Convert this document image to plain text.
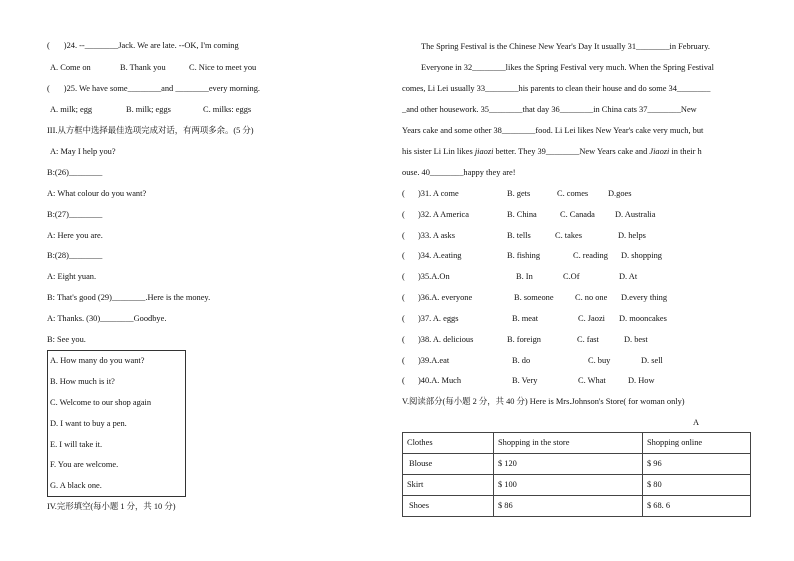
( )24. --________Jack. We are late. --OK, I'm coming
A. Come on	B. Thank you	C. Nice to meet you
( )25. We have some________and ________every morning.
A. milk; egg	B. milk; eggs	C. milks: eggs
III.从方框中选择最佳选项完成对话，有两项多余。(5 分)
A: May I help you?
B:(26)________
A: What colour do you want?
B:(27)________
A: Here you are.
B:(28)________
A: Eight yuan.
B: That's good (29)________.Here is the money.
A: Thanks. (30)________Goodbye.
B: See you.
A. How many do you want?
B. How much is it?
C. Welcome to our shop again
D. I want to buy a pen.
E. I will take it.
F. You are welcome.
G. A black one.
IV.完形填空(每小题 1 分，共 10 分)
The Spring Festival is the Chinese New Year's Day It usually 31________in February.
Everyone in 32________likes the Spring Festival very much. When the Spring Festival
comes, Li Lei usually 33________his parents to clean their house and do some 34________
_and other housework. 35________that day 36________in China cats 37________New
Years cake and some other 38________food. Li Lei likes New Year's cake very much, but
his sister Li Lin likes jiaozi better. They 39________New Years cake and Jiaozi in their h
ouse. 40________happy they are!
( )31. A come	B. gets	C. comes D.goes
( )32. A America	B. China	C. Canada D. Australia
( )33. A asks	B. tells	C. takes	D. helps
( )34. A.eating	B. fishing	C. reading D. shopping
( )35.A.On	B. In	C.Of	D. At
( )36.A. everyone	B. someone	C. no one D.every thing
( )37. A. eggs	B. meat	C. Jaozi D. mooncakes
( )38. A. delicious	B. foreign	C. fast	D. best
( )39.A.eat	B. do	C. buy	D. sell
( )40.A. Much	B. Very	C. What	D. How
V.阅读部分(每小题 2 分，共 40 分) Here is Mrs.Johnson's Store( for woman only)
A
Clothes	Shopping in the store	Shopping online
Blouse	$ 120	$ 96
Skirt	$ 100	$ 80
Shoes	$ 86	$ 68. 6
